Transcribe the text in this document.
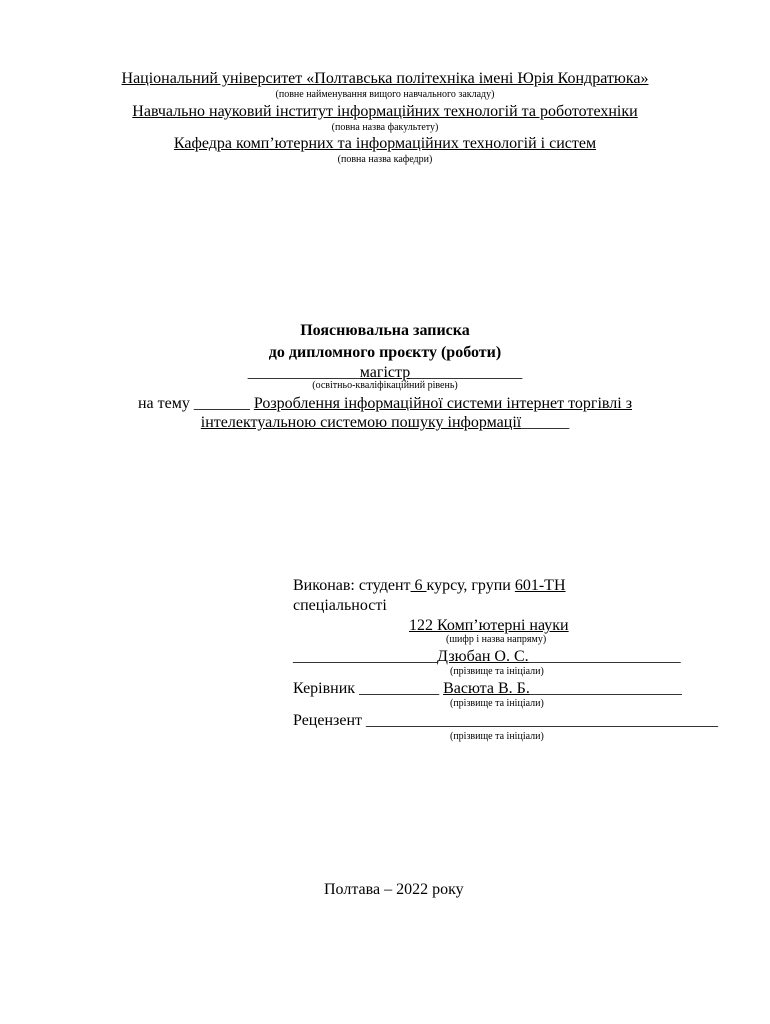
Національний університет «Полтавська політехніка імені Юрія Кондратюка»
(повне найменування вищого навчального закладу)
Навчально науковий інститут інформаційних технологій та робототехніки
(повна назва факультету)
Кафедра комп’ютерних та інформаційних технологій і систем
(повна назва кафедри)
Пояснювальна записка
до дипломного проєкту (роботи)
______________магістр______________
(освітньо-кваліфікаційний рівень)
на тему _______ Розроблення інформаційної системи інтернет торгівлі з
інтелектуальною системою пошуку інформації______
Виконав: студент 6 курсу, групи 601-ТН
спеціальності
122 Комп’ютерні науки
(шифр і назва напряму)
__________________Дзюбан О. С.___________________
(прізвище та ініціали)
Керівник __________ Васюта В. Б.___________________
(прізвище та ініціали)
Рецензент ____________________________________________
(прізвище та ініціали)
Полтава – 2022 року
